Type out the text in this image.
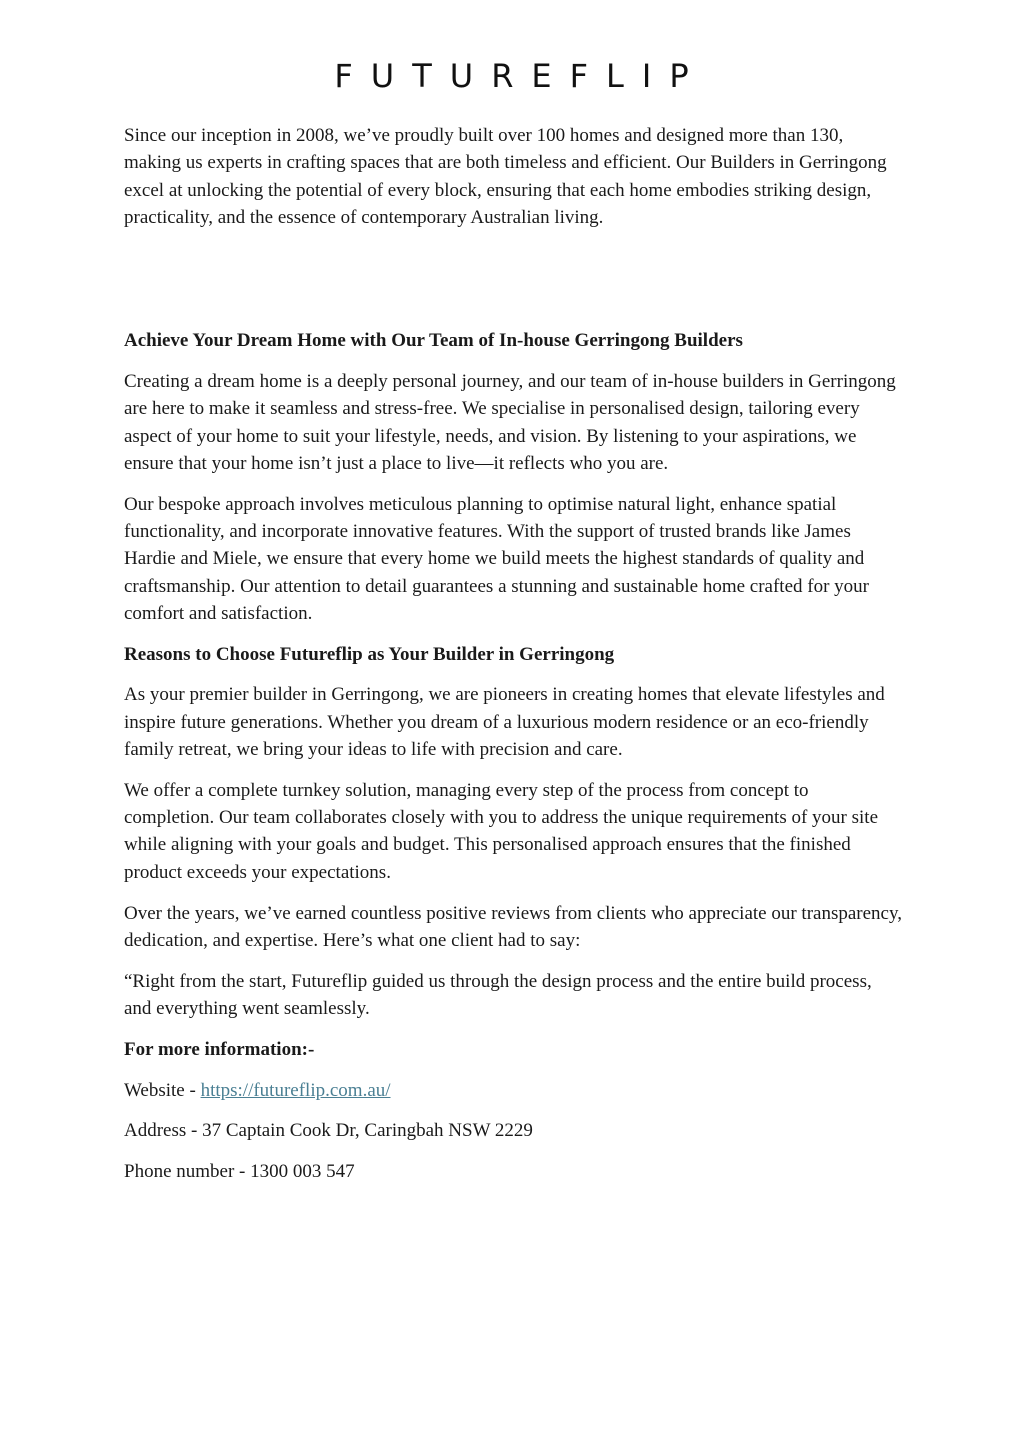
FUTUREFLIP

Since our inception in 2008, we’ve proudly built over 100 homes and designed more than 130, making us experts in crafting spaces that are both timeless and efficient. Our Builders in Gerringong excel at unlocking the potential of every block, ensuring that each home embodies striking design, practicality, and the essence of contemporary Australian living.

Achieve Your Dream Home with Our Team of In-house Gerringong Builders

Creating a dream home is a deeply personal journey, and our team of in-house builders in Gerringong are here to make it seamless and stress-free. We specialise in personalised design, tailoring every aspect of your home to suit your lifestyle, needs, and vision. By listening to your aspirations, we ensure that your home isn’t just a place to live—it reflects who you are.

Our bespoke approach involves meticulous planning to optimise natural light, enhance spatial functionality, and incorporate innovative features. With the support of trusted brands like James Hardie and Miele, we ensure that every home we build meets the highest standards of quality and craftsmanship. Our attention to detail guarantees a stunning and sustainable home crafted for your comfort and satisfaction.

Reasons to Choose Futureflip as Your Builder in Gerringong

As your premier builder in Gerringong, we are pioneers in creating homes that elevate lifestyles and inspire future generations. Whether you dream of a luxurious modern residence or an eco-friendly family retreat, we bring your ideas to life with precision and care.

We offer a complete turnkey solution, managing every step of the process from concept to completion. Our team collaborates closely with you to address the unique requirements of your site while aligning with your goals and budget. This personalised approach ensures that the finished product exceeds your expectations.

Over the years, we’ve earned countless positive reviews from clients who appreciate our transparency, dedication, and expertise. Here’s what one client had to say:

“Right from the start, Futureflip guided us through the design process and the entire build process, and everything went seamlessly.

For more information:-

Website - https://futureflip.com.au/

Address - 37 Captain Cook Dr, Caringbah NSW 2229

Phone number - 1300 003 547
